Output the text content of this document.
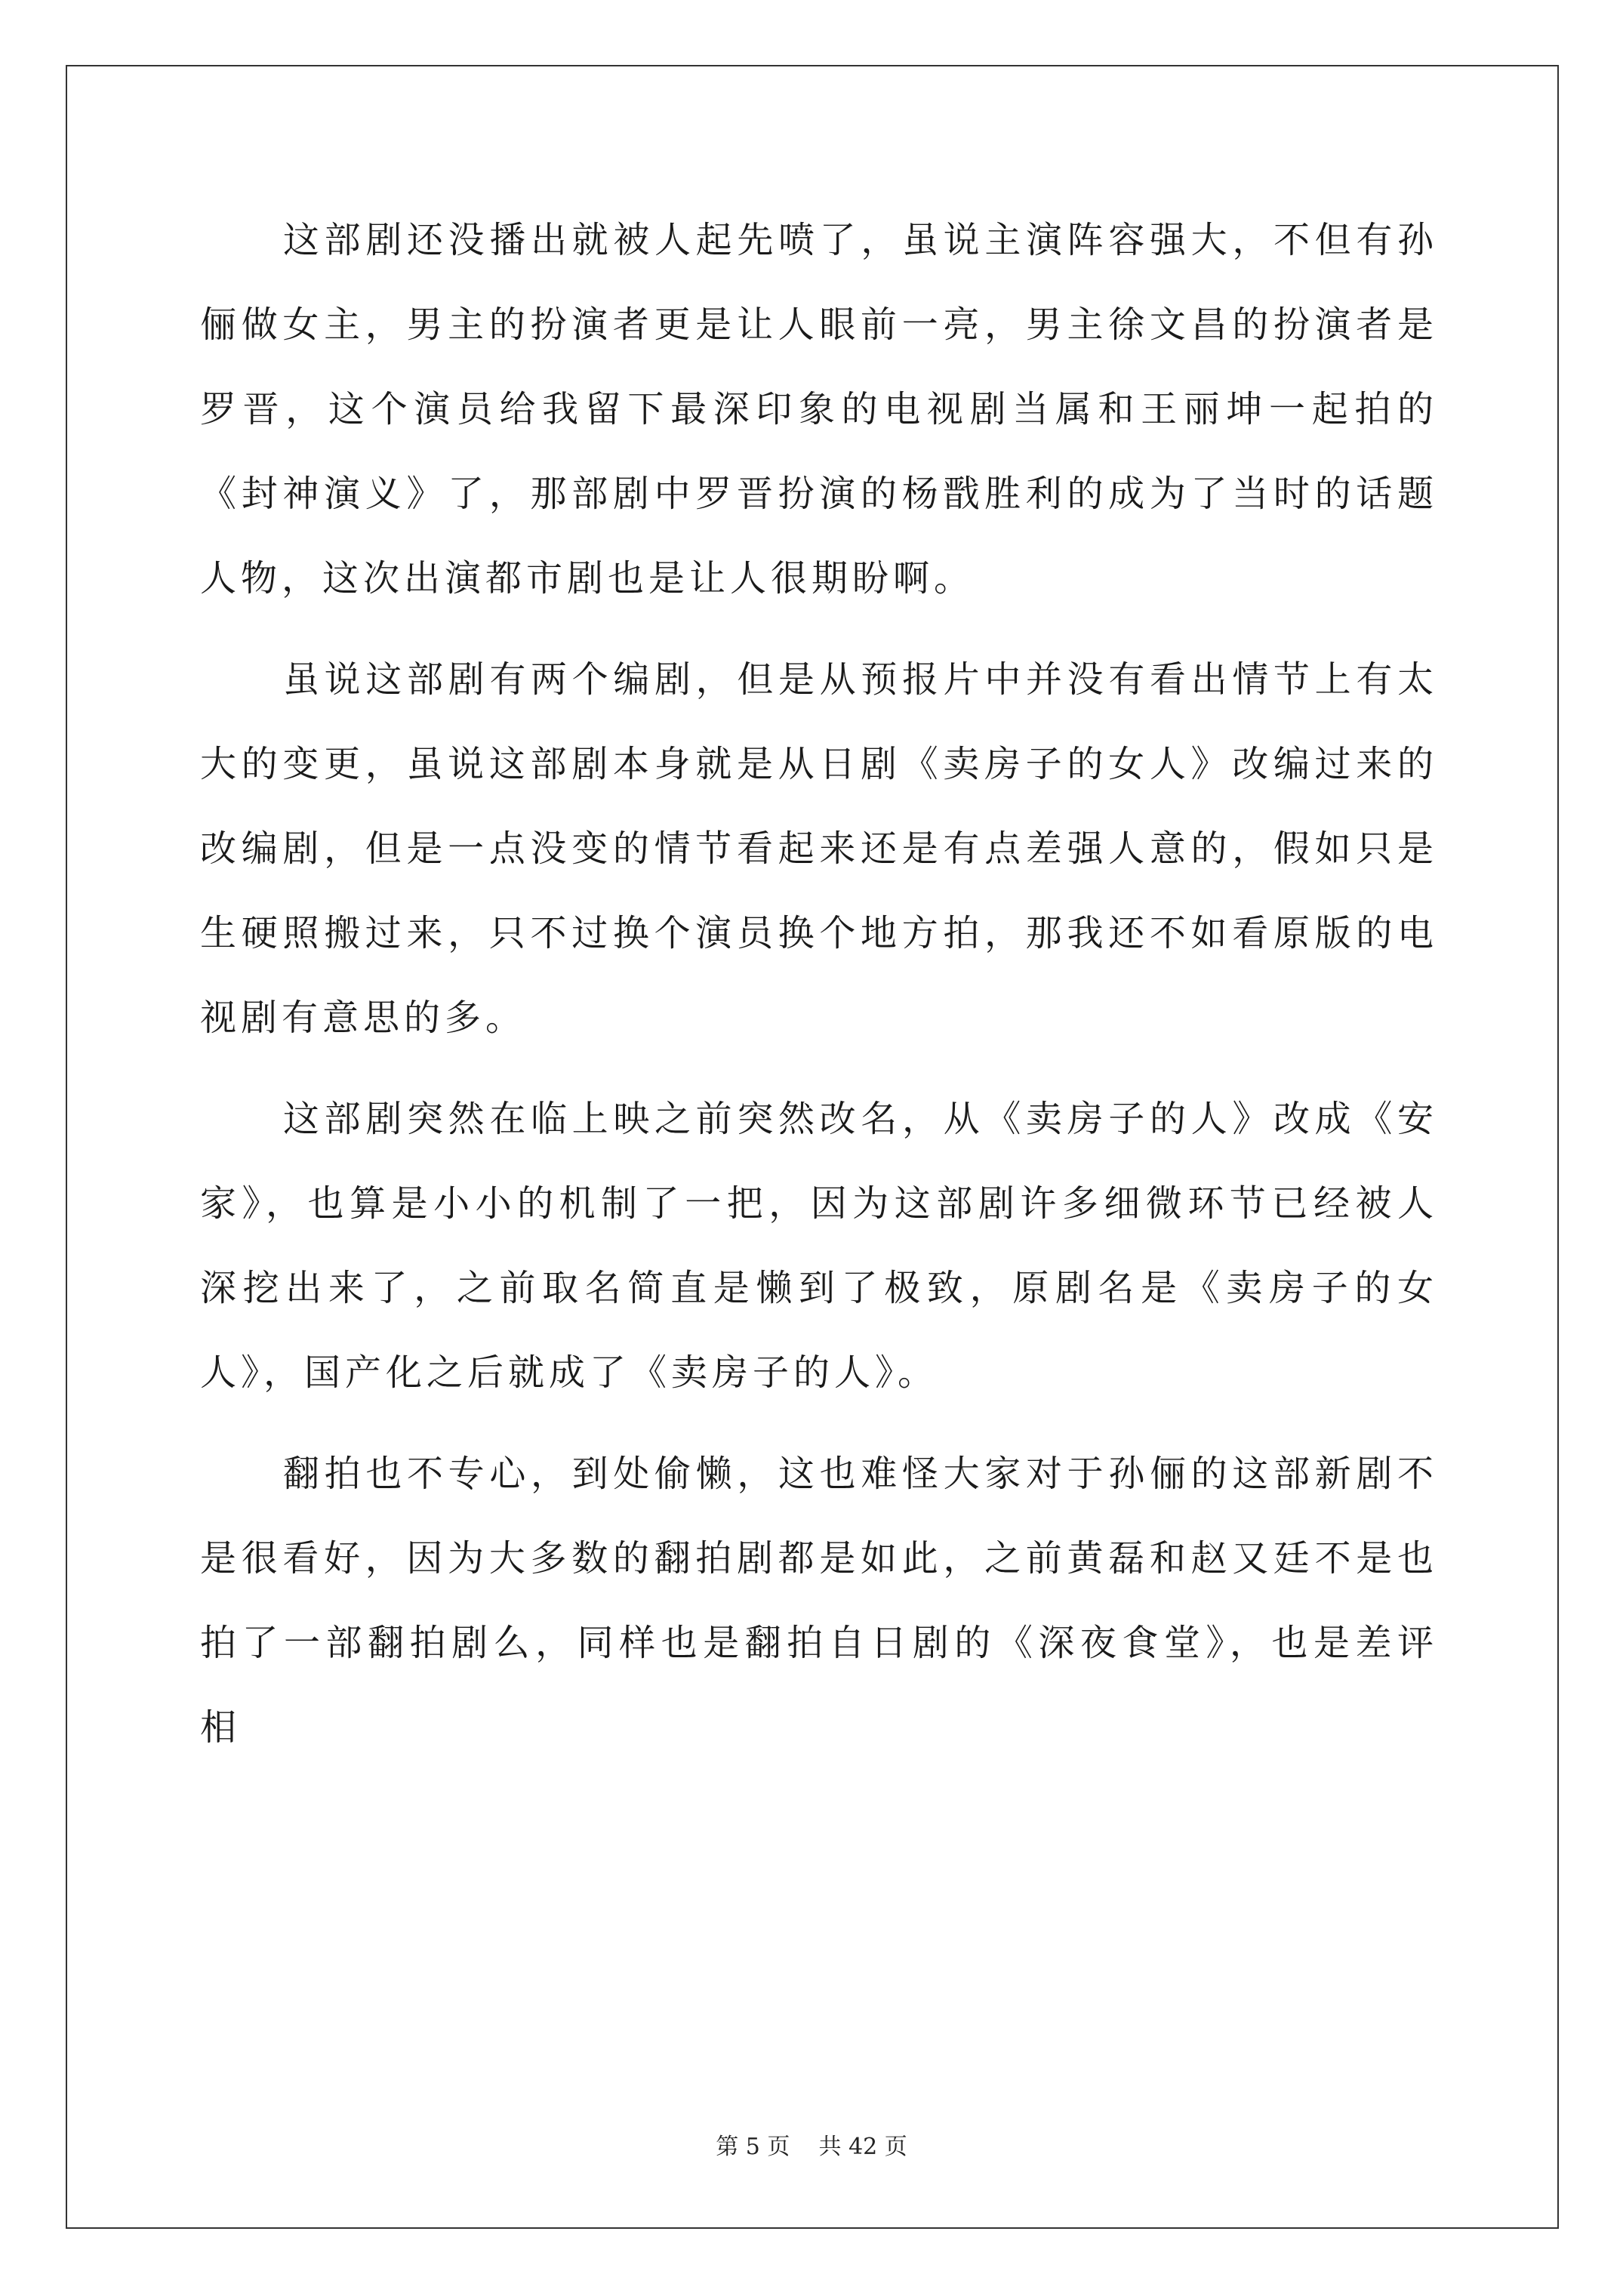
这部剧还没播出就被人起先喷了，虽说主演阵容强大，不但有孙俪做女主，男主的扮演者更是让人眼前一亮，男主徐文昌的扮演者是罗晋，这个演员给我留下最深印象的电视剧当属和王丽坤一起拍的《封神演义》了，那部剧中罗晋扮演的杨戬胜利的成为了当时的话题人物，这次出演都市剧也是让人很期盼啊。

虽说这部剧有两个编剧，但是从预报片中并没有看出情节上有太大的变更，虽说这部剧本身就是从日剧《卖房子的女人》改编过来的改编剧，但是一点没变的情节看起来还是有点差强人意的，假如只是生硬照搬过来，只不过换个演员换个地方拍，那我还不如看原版的电视剧有意思的多。

这部剧突然在临上映之前突然改名，从《卖房子的人》改成《安家》，也算是小小的机制了一把，因为这部剧许多细微环节已经被人深挖出来了，之前取名简直是懒到了极致，原剧名是《卖房子的女人》，国产化之后就成了《卖房子的人》。

翻拍也不专心，到处偷懒，这也难怪大家对于孙俪的这部新剧不是很看好，因为大多数的翻拍剧都是如此，之前黄磊和赵又廷不是也拍了一部翻拍剧么，同样也是翻拍自日剧的《深夜食堂》，也是差评相

第 5 页 共 42 页
